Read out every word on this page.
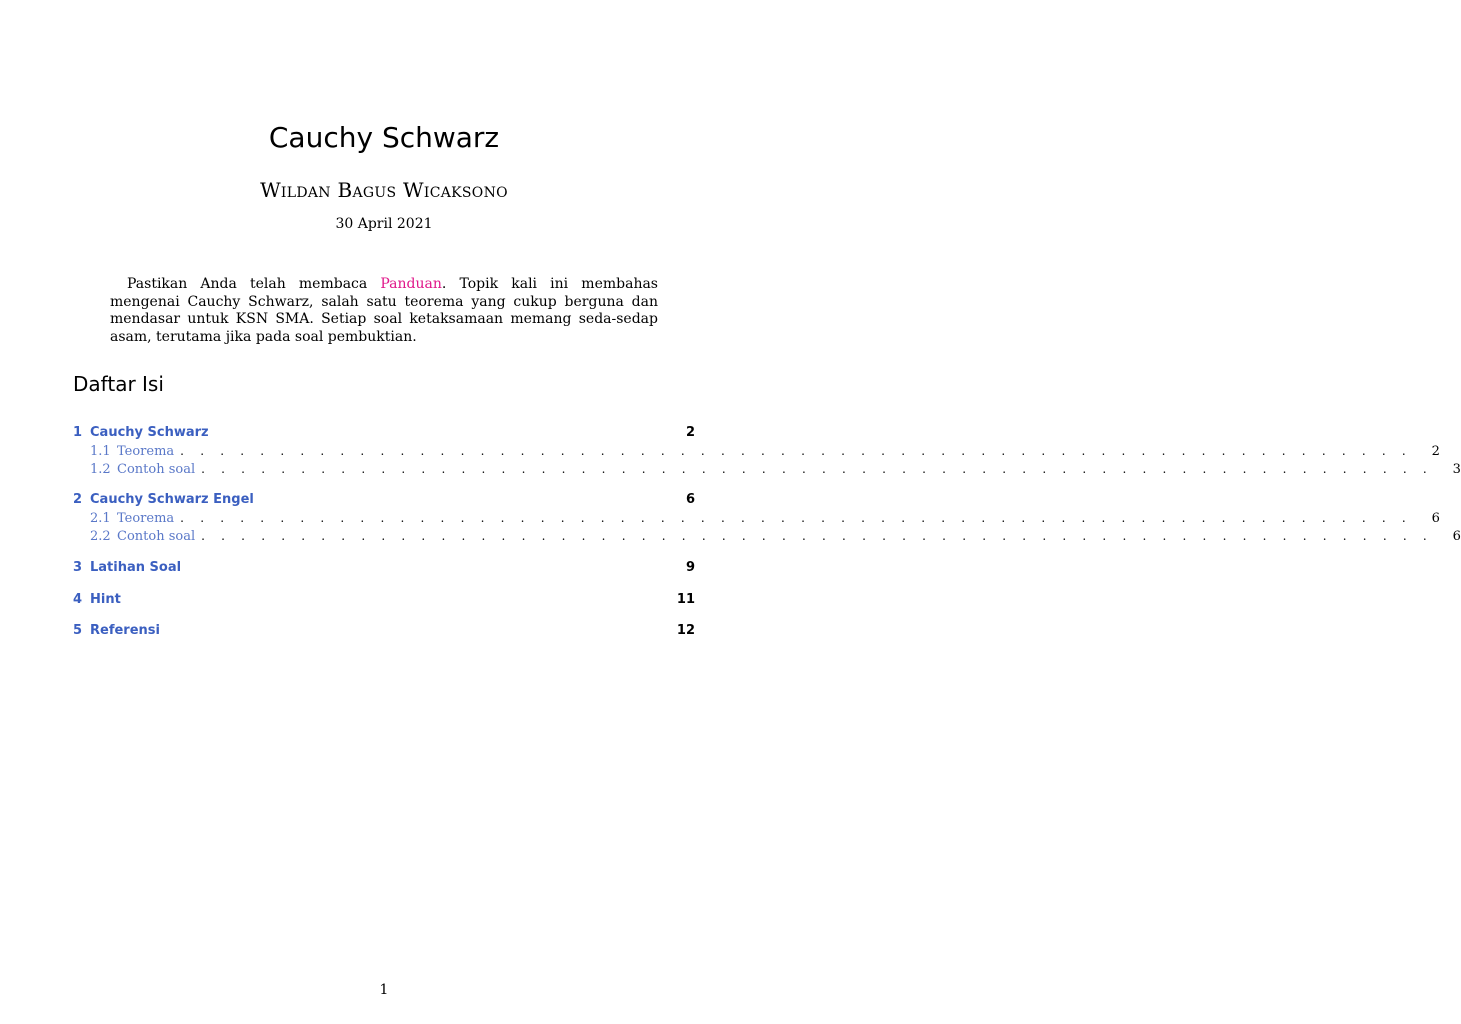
Cauchy Schwarz
Wildan Bagus Wicaksono
30 April 2021

Pastikan Anda telah membaca Panduan. Topik kali ini membahas mengenai Cauchy Schwarz, salah satu teorema yang cukup berguna dan mendasar untuk KSN SMA. Setiap soal ketaksamaan memang seda-sedap asam, terutama jika pada soal pembuktian.

Daftar Isi
1 Cauchy Schwarz	2
1.1 Teorema . . . . . . . . . . . . . . . . . . . . . . . . . . . . . . . . . . . . . . . . . . . . . . . . . . . . . . . . . . . . . .	2
1.2 Contoh soal . . . . . . . . . . . . . . . . . . . . . . . . . . . . . . . . . . . . . . . . . . . . . . . . . . . . . . . . . . . . . .	3
2 Cauchy Schwarz Engel	6
2.1 Teorema . . . . . . . . . . . . . . . . . . . . . . . . . . . . . . . . . . . . . . . . . . . . . . . . . . . . . . . . . . . . . .	6
2.2 Contoh soal . . . . . . . . . . . . . . . . . . . . . . . . . . . . . . . . . . . . . . . . . . . . . . . . . . . . . . . . . . . . . .	6
3 Latihan Soal	9
4 Hint	11
5 Referensi	12
1
